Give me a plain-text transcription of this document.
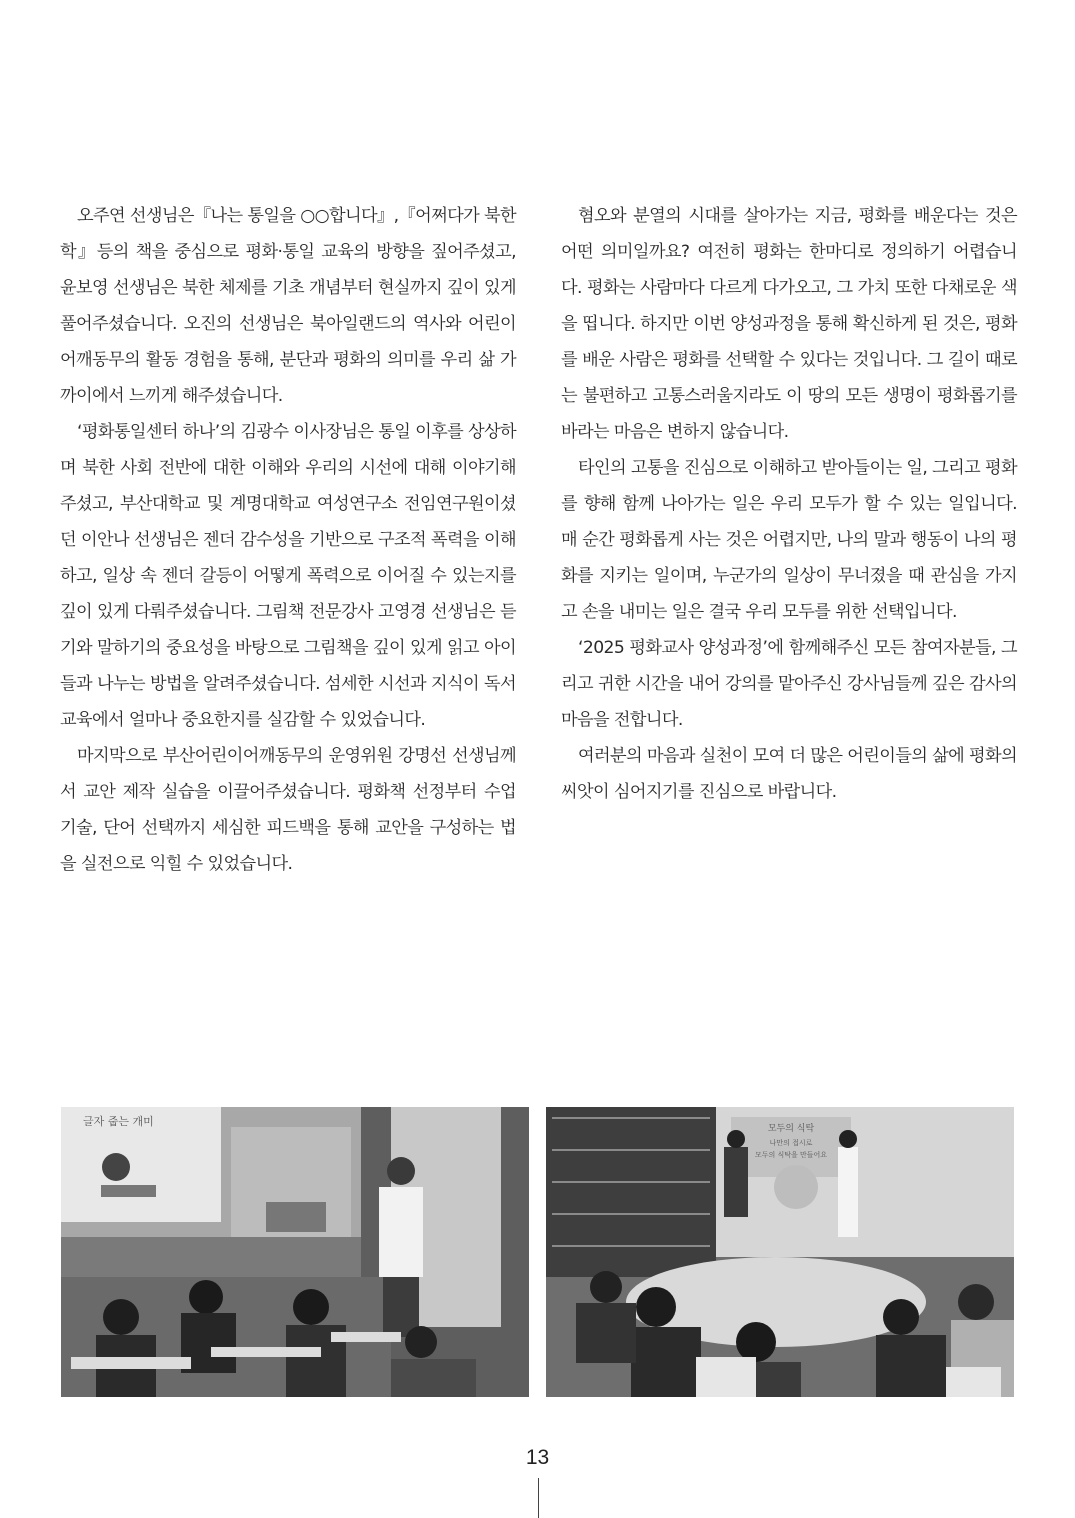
오주연 선생님은『나는 통일을 ○○합니다』,『어쩌다가 북한학』등의 책을 중심으로 평화·통일 교육의 방향을 짚어주셨고, 윤보영 선생님은 북한 체제를 기초 개념부터 현실까지 깊이 있게 풀어주셨습니다. 오진의 선생님은 북아일랜드의 역사와 어린이어깨동무의 활동 경험을 통해, 분단과 평화의 의미를 우리 삶 가까이에서 느끼게 해주셨습니다.

‘평화통일센터 하나’의 김광수 이사장님은 통일 이후를 상상하며 북한 사회 전반에 대한 이해와 우리의 시선에 대해 이야기해주셨고, 부산대학교 및 계명대학교 여성연구소 전임연구원이셨던 이안나 선생님은 젠더 감수성을 기반으로 구조적 폭력을 이해하고, 일상 속 젠더 갈등이 어떻게 폭력으로 이어질 수 있는지를 깊이 있게 다뤄주셨습니다. 그림책 전문강사 고영경 선생님은 듣기와 말하기의 중요성을 바탕으로 그림책을 깊이 있게 읽고 아이들과 나누는 방법을 알려주셨습니다. 섬세한 시선과 지식이 독서교육에서 얼마나 중요한지를 실감할 수 있었습니다.

마지막으로 부산어린이어깨동무의 운영위원 강명선 선생님께서 교안 제작 실습을 이끌어주셨습니다. 평화책 선정부터 수업 기술, 단어 선택까지 세심한 피드백을 통해 교안을 구성하는 법을 실전으로 익힐 수 있었습니다.

혐오와 분열의 시대를 살아가는 지금, 평화를 배운다는 것은 어떤 의미일까요? 여전히 평화는 한마디로 정의하기 어렵습니다. 평화는 사람마다 다르게 다가오고, 그 가치 또한 다채로운 색을 띱니다. 하지만 이번 양성과정을 통해 확신하게 된 것은, 평화를 배운 사람은 평화를 선택할 수 있다는 것입니다. 그 길이 때로는 불편하고 고통스러울지라도 이 땅의 모든 생명이 평화롭기를 바라는 마음은 변하지 않습니다.

타인의 고통을 진심으로 이해하고 받아들이는 일, 그리고 평화를 향해 함께 나아가는 일은 우리 모두가 할 수 있는 일입니다. 매 순간 평화롭게 사는 것은 어렵지만, 나의 말과 행동이 나의 평화를 지키는 일이며, 누군가의 일상이 무너졌을 때 관심을 가지고 손을 내미는 일은 결국 우리 모두를 위한 선택입니다.

‘2025 평화교사 양성과정’에 함께해주신 모든 참여자분들, 그리고 귀한 시간을 내어 강의를 맡아주신 강사님들께 깊은 감사의 마음을 전합니다.

여러분의 마음과 실천이 모여 더 많은 어린이들의 삶에 평화의 씨앗이 심어지기를 진심으로 바랍니다.

글자 줍는 개미
모두의 식탁
나만의 접시로
모두의 식탁을 만들어요
13
